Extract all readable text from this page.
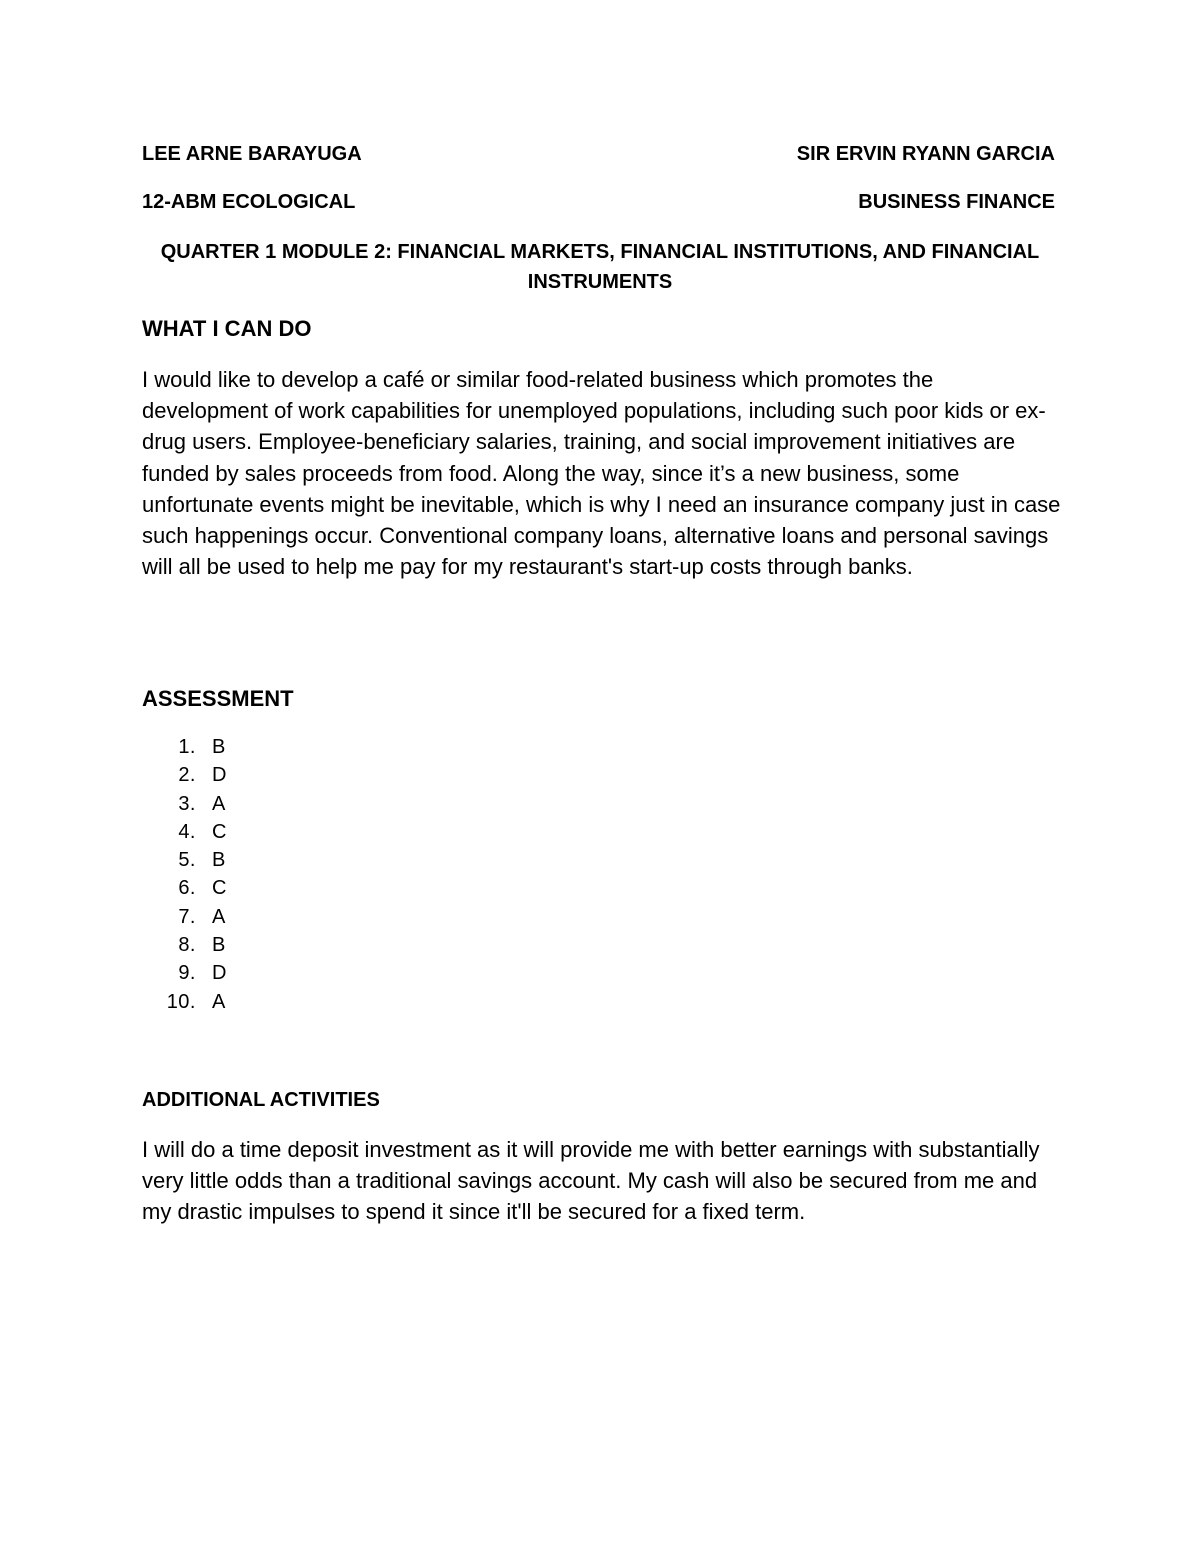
LEE ARNE BARAYUGA	SIR ERVIN RYANN GARCIA
12-ABM ECOLOGICAL	BUSINESS FINANCE
QUARTER 1 MODULE 2: FINANCIAL MARKETS, FINANCIAL INSTITUTIONS, AND FINANCIAL INSTRUMENTS
WHAT I CAN DO

I would like to develop a café or similar food-related business which promotes the development of work capabilities for unemployed populations, including such poor kids or ex-drug users. Employee-beneficiary salaries, training, and social improvement initiatives are funded by sales proceeds from food. Along the way, since it’s a new business, some unfortunate events might be inevitable, which is why I need an insurance company just in case such happenings occur. Conventional company loans, alternative loans and personal savings will all be used to help me pay for my restaurant's start-up costs through banks.

ASSESSMENT
1. B
2. D
3. A
4. C
5. B
6. C
7. A
8. B
9. D
10. A
ADDITIONAL ACTIVITIES

I will do a time deposit investment as it will provide me with better earnings with substantially very little odds than a traditional savings account. My cash will also be secured from me and my drastic impulses to spend it since it'll be secured for a fixed term.
